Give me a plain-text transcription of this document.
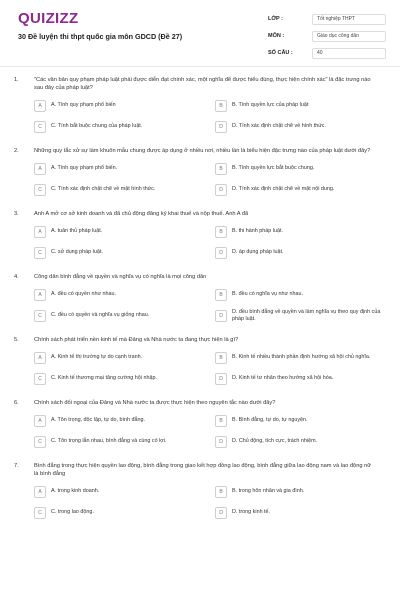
QUIZIZZ
30 Đề luyện thi thpt quốc gia môn GDCD (Đề 27)
LỚP :	Tốt nghiệp THPT
MÔN :	Giáo dục công dân
SỐ CÂU :	40
1.	"Các văn bản quy phạm pháp luật phải được diễn đạt chính xác, một nghĩa để được hiểu đúng, thực hiện chính xác" là đặc trưng nào sau đây của pháp luật?
A	A. Tính quy phạm phổ biến	B	B. Tính quyền lực của pháp luật
C	C. Tính bắt buộc chung của pháp luật.	D	D. Tính xác định chặt chẽ về hình thức.
2.	Những quy tắc xử sự làm khuôn mẫu chung được áp dụng ở nhiều nơi, nhiều lần là biểu hiện đặc trưng nào của pháp luật dưới đây?
A	A. Tính quy phạm phổ biến.	B	B. Tính quyền lực bắt buộc chung.
C	C. Tính xác định chặt chẽ về mặt hình thức.	D	D. Tính xác định chặt chẽ về mặt nội dung.
3.	Anh A mở cơ sở kinh doanh và đã chủ động đăng ký khai thuế và nộp thuế. Anh A đã
A	A. tuân thủ pháp luật.	B	B. thi hành pháp luật.
C	C. sử dụng pháp luật.	D	D. áp dụng pháp luật.
4.	Công dân bình đẳng về quyền và nghĩa vụ có nghĩa là mọi công dân
A	A. đều có quyền như nhau.	B	B. đều có nghĩa vụ như nhau.
C	C. đều có quyền và nghĩa vụ giống nhau.	D
D. đều bình đẳng về quyền và làm nghĩa vụ theo quy định của pháp luật.
5.	Chính sách phát triển nền kinh tế mà Đảng và Nhà nước ta đang thực hiện là gì?
A	A. Kinh tế thị trường tự do cạnh tranh.	B	B. Kinh tế nhiều thành phần định hướng xã hội chủ nghĩa.
C	C. Kinh tế thương mại tăng cường hội nhập.	D	D. Kinh tế tư nhân theo hướng xã hội hóa.
6.	Chính sách đối ngoại của Đảng và Nhà nước ta được thực hiện theo nguyên tắc nào dưới đây?
A	A. Tôn trọng, độc lập, tự do, bình đẳng.	B	B. Bình đẳng, tự do, tự nguyện.
C	C. Tôn trọng lẫn nhau, bình đẳng và cùng có lợi.	D	D. Chủ động, tích cực, trách nhiệm.
7.	Bình đẳng trong thực hiện quyền lao động, bình đẳng trong giao kết hợp đồng lao động, bình đẳng giữa lao động nam và lao động nữ là bình đẳng
A	A. trong kinh doanh.	B	B. trong hôn nhân và gia đình.
C	C. trong lao động.	D	D. trong kinh tế.
